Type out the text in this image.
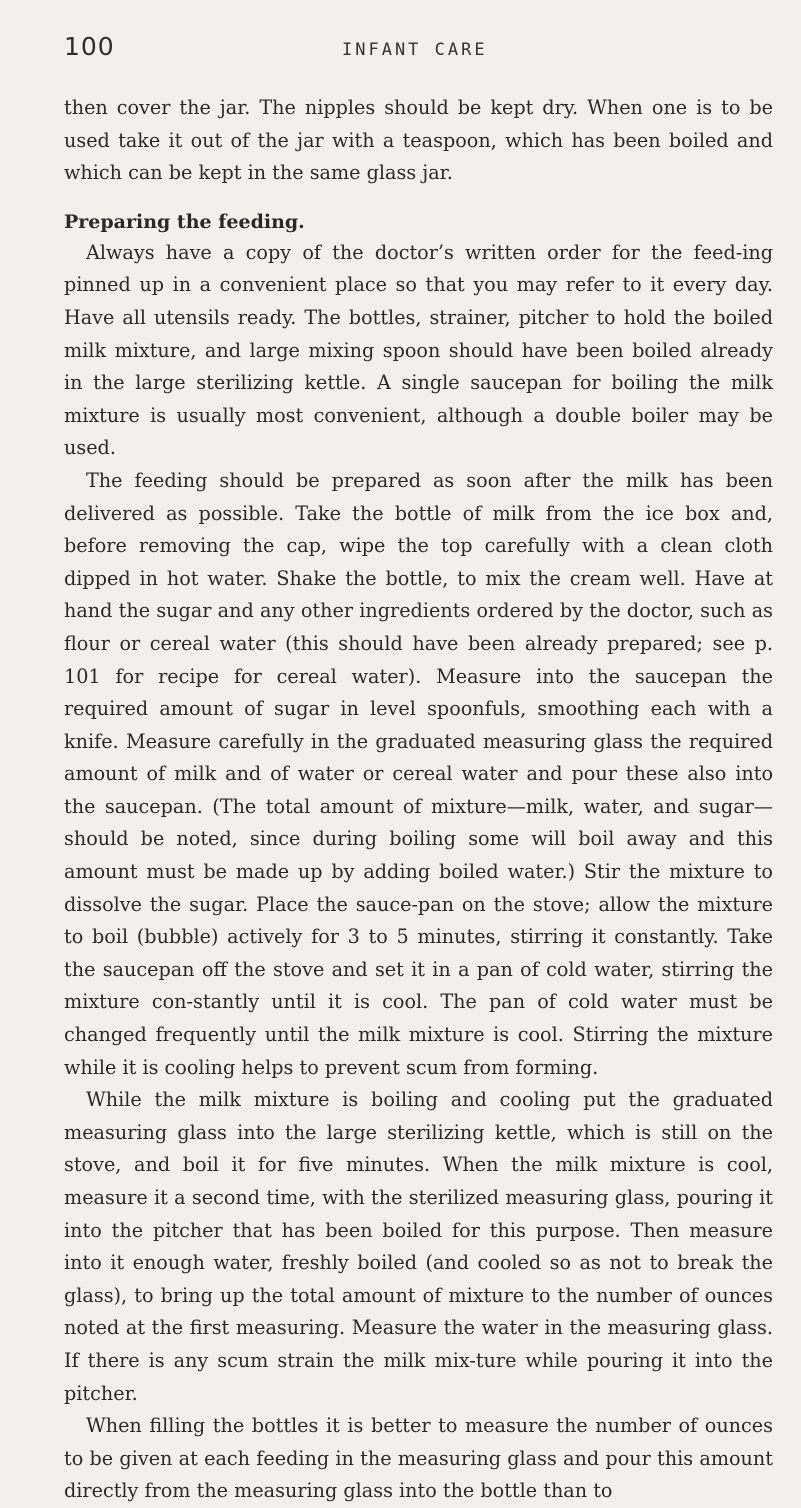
100	INFANT CARE

then cover the jar. The nipples should be kept dry. When one is to be used take it out of the jar with a teaspoon, which has been boiled and which can be kept in the same glass jar.

Preparing the feeding.

Always have a copy of the doctor’s written order for the feed-ing pinned up in a convenient place so that you may refer to it every day. Have all utensils ready. The bottles, strainer, pitcher to hold the boiled milk mixture, and large mixing spoon should have been boiled already in the large sterilizing kettle. A single saucepan for boiling the milk mixture is usually most convenient, although a double boiler may be used.

The feeding should be prepared as soon after the milk has been delivered as possible. Take the bottle of milk from the ice box and, before removing the cap, wipe the top carefully with a clean cloth dipped in hot water. Shake the bottle, to mix the cream well. Have at hand the sugar and any other ingredients ordered by the doctor, such as flour or cereal water (this should have been already prepared; see p. 101 for recipe for cereal water). Measure into the saucepan the required amount of sugar in level spoonfuls, smoothing each with a knife. Measure carefully in the graduated measuring glass the required amount of milk and of water or cereal water and pour these also into the saucepan. (The total amount of mixture—milk, water, and sugar—should be noted, since during boiling some will boil away and this amount must be made up by adding boiled water.) Stir the mixture to dissolve the sugar. Place the sauce-pan on the stove; allow the mixture to boil (bubble) actively for 3 to 5 minutes, stirring it constantly. Take the saucepan off the stove and set it in a pan of cold water, stirring the mixture con-stantly until it is cool. The pan of cold water must be changed frequently until the milk mixture is cool. Stirring the mixture while it is cooling helps to prevent scum from forming.

While the milk mixture is boiling and cooling put the graduated measuring glass into the large sterilizing kettle, which is still on the stove, and boil it for five minutes. When the milk mixture is cool, measure it a second time, with the sterilized measuring glass, pouring it into the pitcher that has been boiled for this purpose. Then measure into it enough water, freshly boiled (and cooled so as not to break the glass), to bring up the total amount of mixture to the number of ounces noted at the first measuring. Measure the water in the measuring glass. If there is any scum strain the milk mix-ture while pouring it into the pitcher.

When filling the bottles it is better to measure the number of ounces to be given at each feeding in the measuring glass and pour this amount directly from the measuring glass into the bottle than to
